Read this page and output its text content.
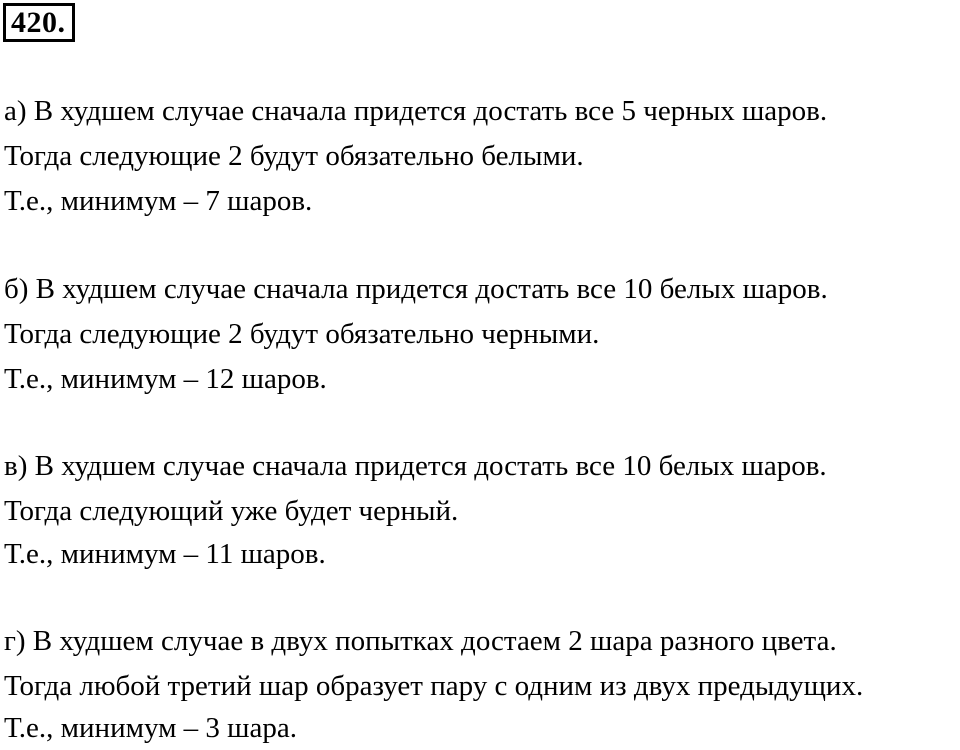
420.
а) В худшем случае сначала придется достать все 5 черных шаров.
Тогда следующие 2 будут обязательно белыми.
Т.е., минимум – 7 шаров.
б) В худшем случае сначала придется достать все 10 белых шаров.
Тогда следующие 2 будут обязательно черными.
Т.е., минимум – 12 шаров.
в) В худшем случае сначала придется достать все 10 белых шаров.
Тогда следующий уже будет черный.
Т.е., минимум – 11 шаров.
г) В худшем случае в двух попытках достаем 2 шара разного цвета.
Тогда любой третий шар образует пару с одним из двух предыдущих.
Т.е., минимум – 3 шара.
